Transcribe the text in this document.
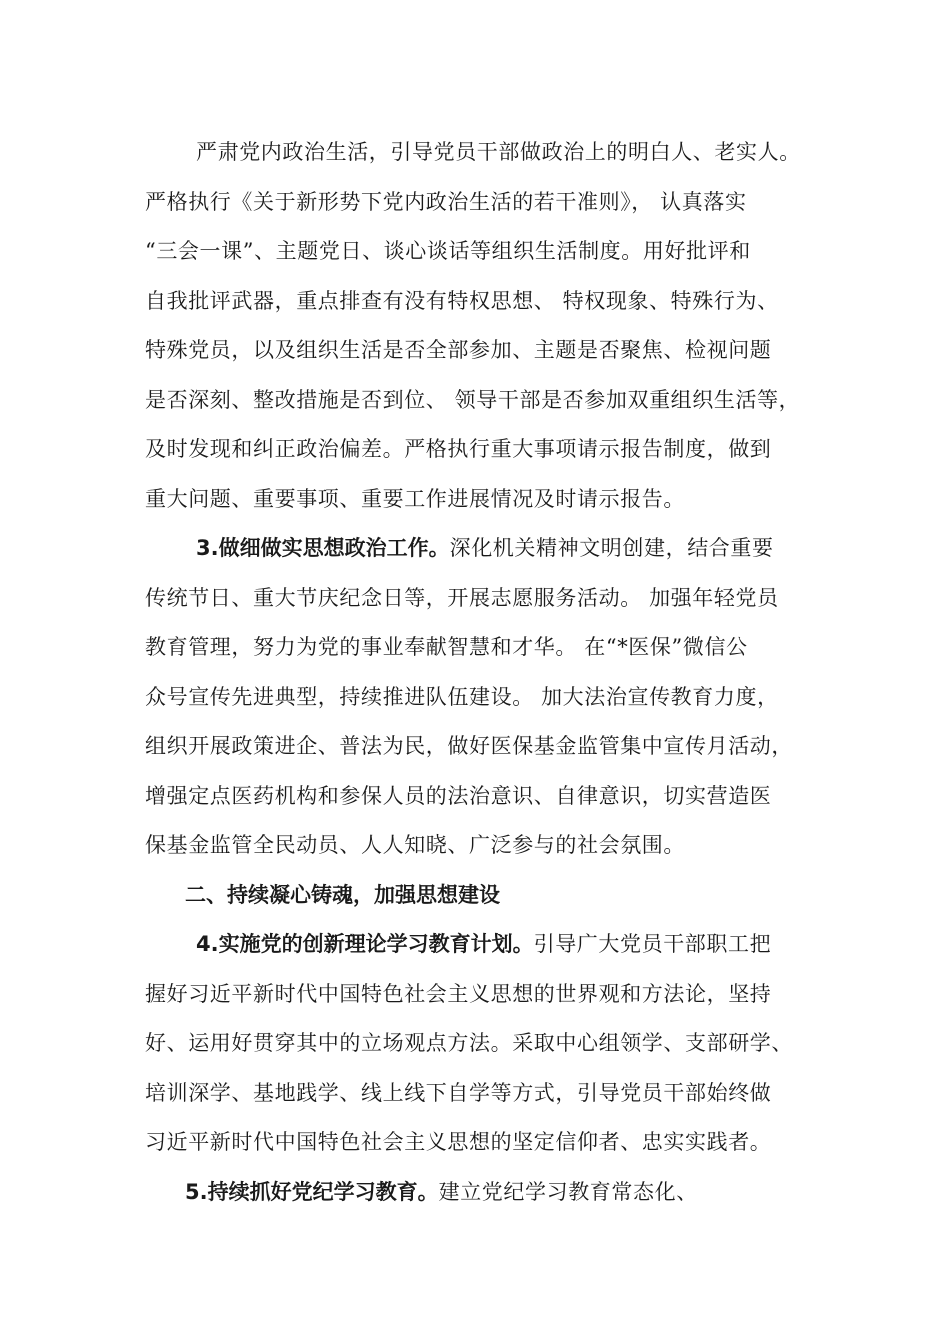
严肃党内政治生活，引导党员干部做政治上的明白人、老实人。
严格执行《关于新形势下党内政治生活的若干准则》， 认真落实
“三会一课”、主题党日、谈心谈话等组织生活制度。用好批评和
自我批评武器，重点排查有没有特权思想、 特权现象、特殊行为、
特殊党员，以及组织生活是否全部参加、主题是否聚焦、检视问题
是否深刻、整改措施是否到位、 领导干部是否参加双重组织生活等，
及时发现和纠正政治偏差。严格执行重大事项请示报告制度，做到
重大问题、重要事项、重要工作进展情况及时请示报告。
3.做细做实思想政治工作。深化机关精神文明创建，结合重要
传统节日、重大节庆纪念日等，开展志愿服务活动。 加强年轻党员
教育管理，努力为党的事业奉献智慧和才华。 在“*医保”微信公
众号宣传先进典型，持续推进队伍建设。 加大法治宣传教育力度，
组织开展政策进企、普法为民，做好医保基金监管集中宣传月活动，
增强定点医药机构和参保人员的法治意识、自律意识，切实营造医
保基金监管全民动员、人人知晓、广泛参与的社会氛围。
二、持续凝心铸魂，加强思想建设
4.实施党的创新理论学习教育计划。引导广大党员干部职工把
握好习近平新时代中国特色社会主义思想的世界观和方法论，坚持
好、运用好贯穿其中的立场观点方法。采取中心组领学、支部研学、
培训深学、基地践学、线上线下自学等方式，引导党员干部始终做
习近平新时代中国特色社会主义思想的坚定信仰者、忠实实践者。
5.持续抓好党纪学习教育。建立党纪学习教育常态化、
